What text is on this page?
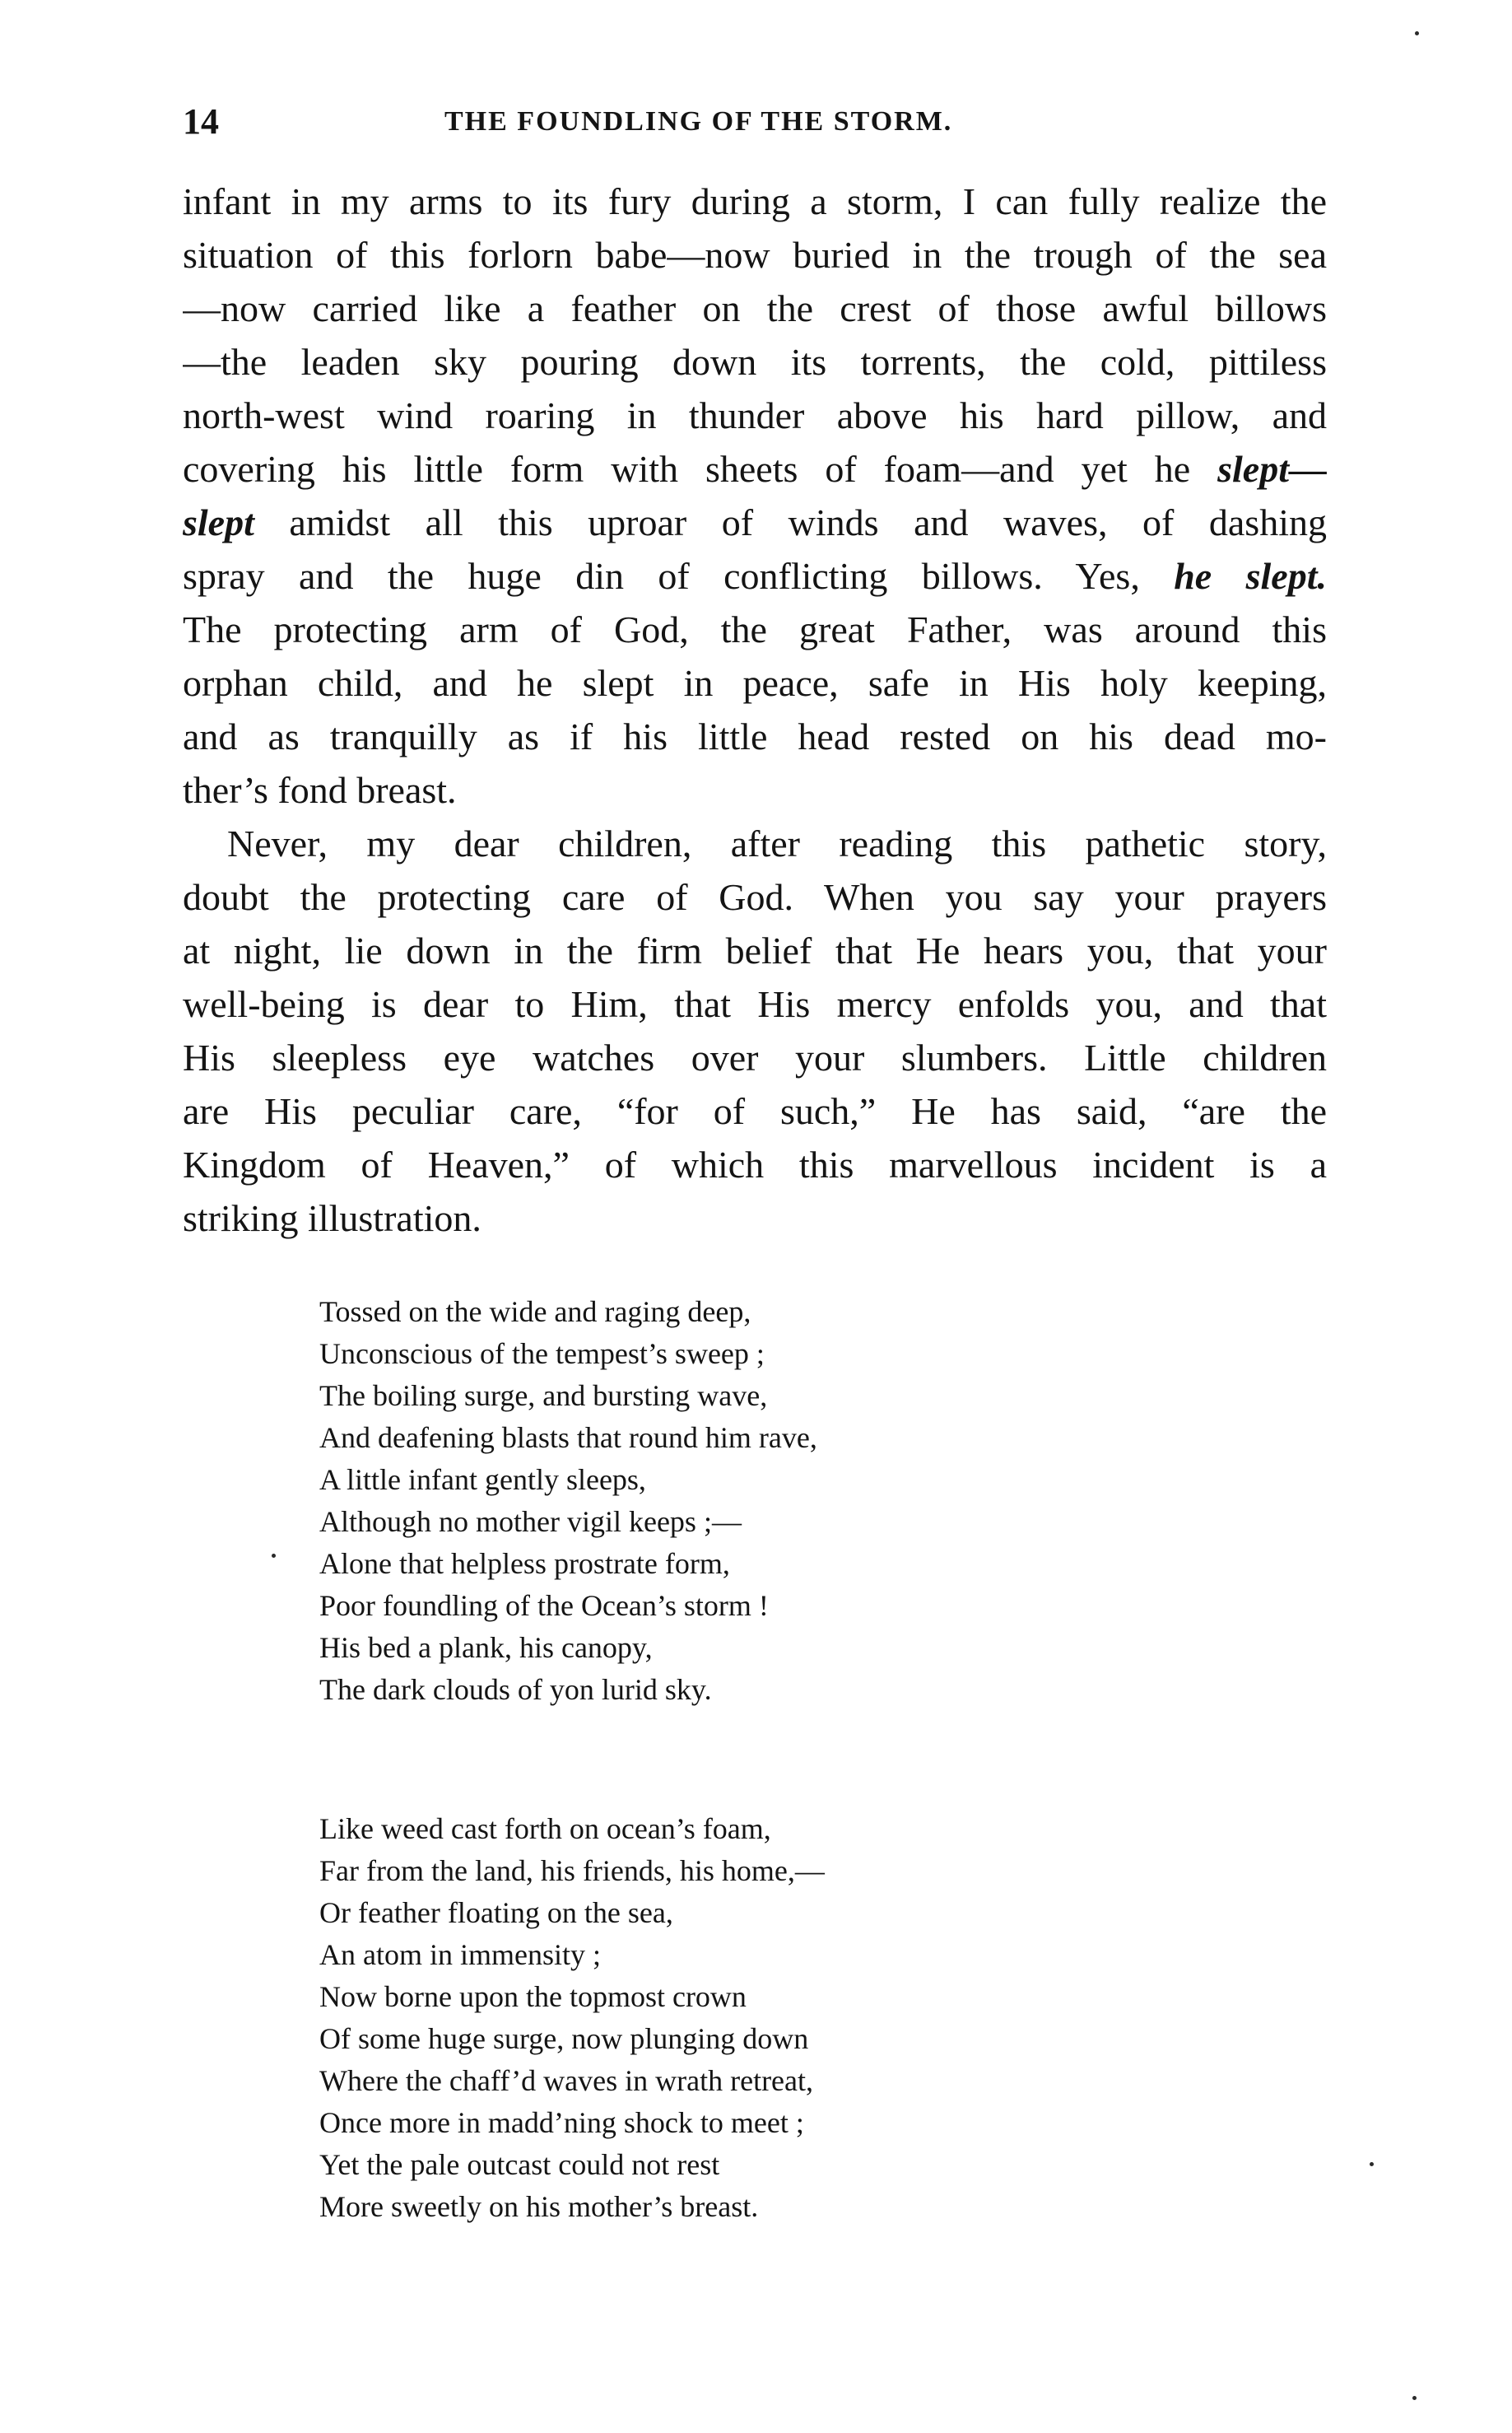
14	THE FOUNDLING OF THE STORM.
infant in my arms to its fury during a storm, I can fully realize the
situation of this forlorn babe—now buried in the trough of the sea
—now carried like a feather on the crest of those awful billows
—the leaden sky pouring down its torrents, the cold, pittiless
north-west wind roaring in thunder above his hard pillow, and
covering his little form with sheets of foam—and yet he slept—
slept amidst all this uproar of winds and waves, of dashing
spray and the huge din of conflicting billows. Yes, he slept.
The protecting arm of God, the great Father, was around this
orphan child, and he slept in peace, safe in His holy keeping,
and as tranquilly as if his little head rested on his dead mo-
ther’s fond breast.
Never, my dear children, after reading this pathetic story,
doubt the protecting care of God. When you say your prayers
at night, lie down in the firm belief that He hears you, that your
well-being is dear to Him, that His mercy enfolds you, and that
His sleepless eye watches over your slumbers. Little children
are His peculiar care, “for of such,” He has said, “are the
Kingdom of Heaven,” of which this marvellous incident is a
striking illustration.
Tossed on the wide and raging deep,
Unconscious of the tempest’s sweep ;
The boiling surge, and bursting wave,
And deafening blasts that round him rave,
A little infant gently sleeps,
Although no mother vigil keeps ;—
Alone that helpless prostrate form,
Poor foundling of the Ocean’s storm !
His bed a plank, his canopy,
The dark clouds of yon lurid sky.
Like weed cast forth on ocean’s foam,
Far from the land, his friends, his home,—
Or feather floating on the sea,
An atom in immensity ;
Now borne upon the topmost crown
Of some huge surge, now plunging down
Where the chaff’d waves in wrath retreat,
Once more in madd’ning shock to meet ;
Yet the pale outcast could not rest
More sweetly on his mother’s breast.
